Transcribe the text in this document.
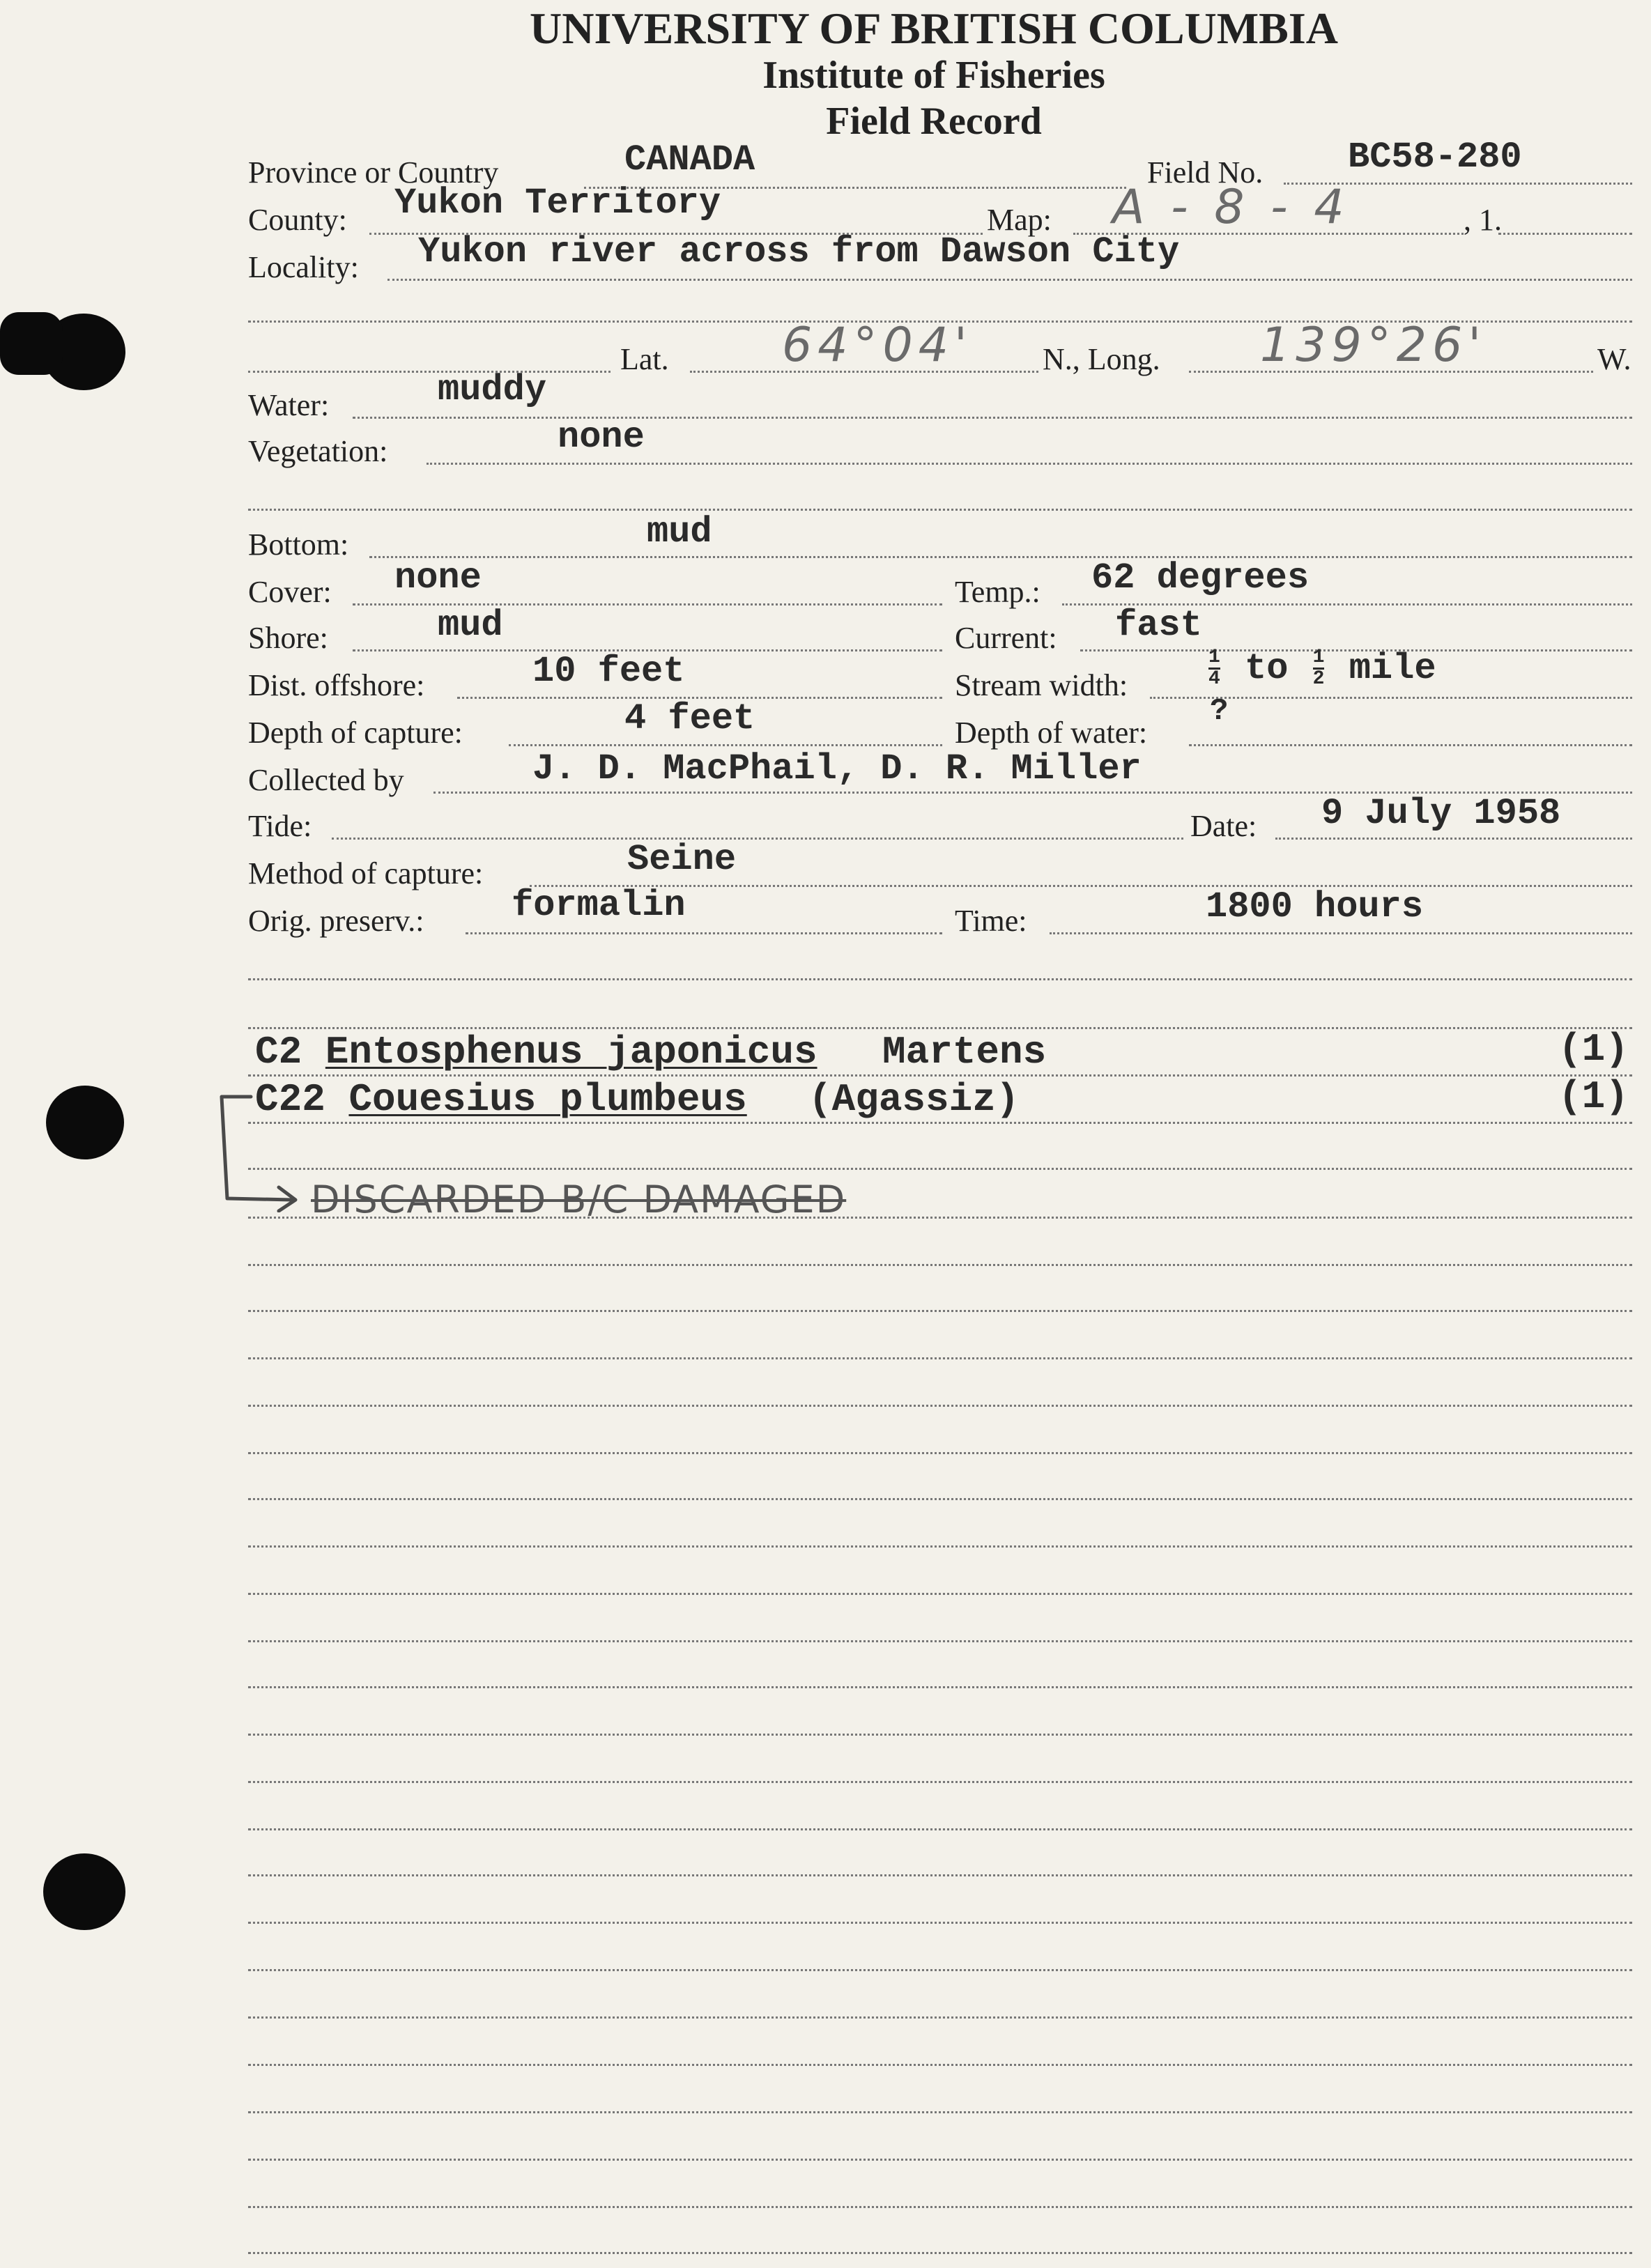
UNIVERSITY OF BRITISH COLUMBIA
Institute of Fisheries
Field Record
Province or Country	CANADA	Field No. BC58-280
County: Yukon Territory	Map: A - 8 - 4	, 1.
Locality: Yukon river across from Dawson City
Lat. 64°04' N., Long. 139°26'	W.
Water:	muddy
Vegetation:	none
Bottom:	mud
Cover: none	Temp.: 62 degrees
Shore:	mud	Current: fast
Dist. offshore:	10 feet	Stream width:	$\frac{1}{4}$ to $\frac{1}{2}$ mile
Depth of capture:	4 feet	Depth of water:
?
Collected by	J. D. MacPhail, D. R. Miller
Tide:	Date: 9 July 1958
Method of capture:	Seine
Orig. preserv.: formalin	Time:	1800 hours
C2 Entosphenus japonicus Martens	(1)
C22 Couesius plumbeus (Agassiz)	(1)
DISCARDED B/C DAMAGED
